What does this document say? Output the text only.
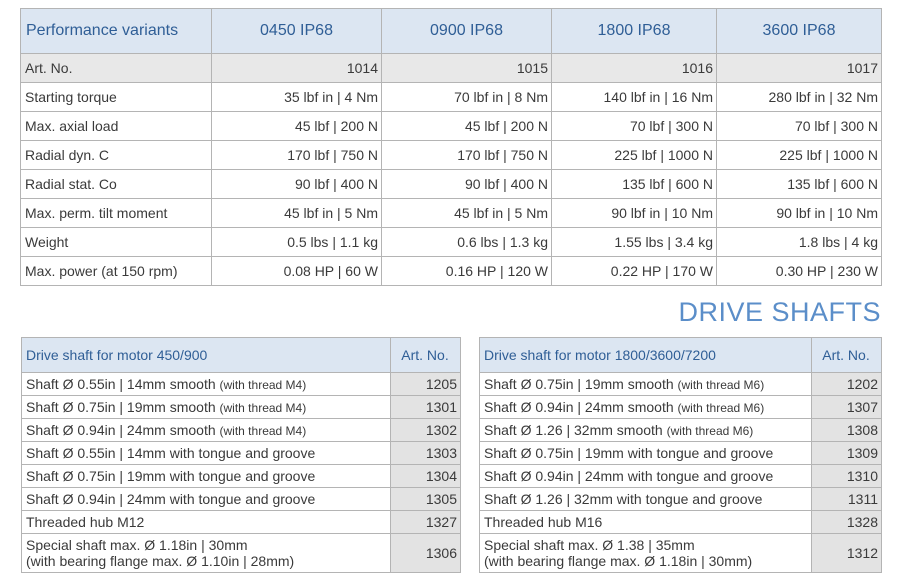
Performance variants	0450 IP68	0900 IP68	1800 IP68	3600 IP68
Art. No.	1014	1015	1016	1017
Starting torque	35 lbf in | 4 Nm	70 lbf in | 8 Nm	140 lbf in | 16 Nm	280 lbf in | 32 Nm
Max. axial load	45 lbf | 200 N	45 lbf | 200 N	70 lbf | 300 N	70 lbf | 300 N
Radial dyn. C	170 lbf | 750 N	170 lbf | 750 N	225 lbf | 1000 N	225 lbf | 1000 N
Radial stat. Co	90 lbf | 400 N	90 lbf | 400 N	135 lbf | 600 N	135 lbf | 600 N
Max. perm. tilt moment	45 lbf in | 5 Nm	45 lbf in | 5 Nm	90 lbf in | 10 Nm	90 lbf in | 10 Nm
Weight	0.5 lbs | 1.1 kg	0.6 lbs | 1.3 kg	1.55 lbs | 3.4 kg	1.8 lbs | 4 kg
Max. power (at 150 rpm)	0.08 HP | 60 W	0.16 HP | 120 W	0.22 HP | 170 W	0.30 HP | 230 W
DRIVE SHAFTS
Drive shaft for motor 450/900	Art. No.
Shaft Ø 0.55in | 14mm smooth (with thread M4)	1205
Shaft Ø 0.75in | 19mm smooth (with thread M4)	1301
Shaft Ø 0.94in | 24mm smooth (with thread M4)	1302
Shaft Ø 0.55in | 14mm with tongue and groove	1303
Shaft Ø 0.75in | 19mm with tongue and groove	1304
Shaft Ø 0.94in | 24mm with tongue and groove	1305
Threaded hub M12	1327
Special shaft max. Ø 1.18in | 30mm
(with bearing flange max. Ø 1.10in | 28mm)	1306
Drive shaft for motor 1800/3600/7200	Art. No.
Shaft Ø 0.75in | 19mm smooth (with thread M6)	1202
Shaft Ø 0.94in | 24mm smooth (with thread M6)	1307
Shaft Ø 1.26 | 32mm smooth (with thread M6)	1308
Shaft Ø 0.75in | 19mm with tongue and groove	1309
Shaft Ø 0.94in | 24mm with tongue and groove	1310
Shaft Ø 1.26 | 32mm with tongue and groove	1311
Threaded hub M16	1328
Special shaft max. Ø 1.38 | 35mm
(with bearing flange max. Ø 1.18in | 30mm)	1312
